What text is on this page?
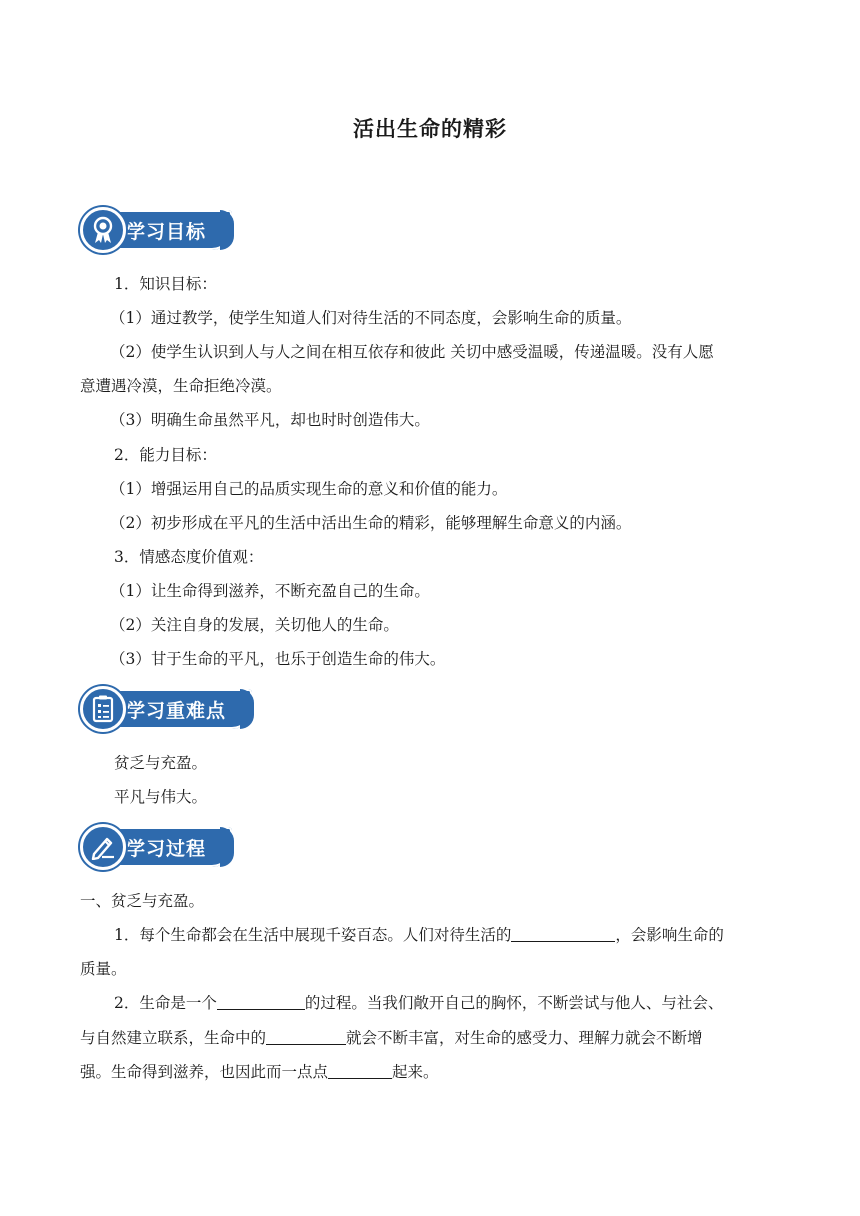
活出生命的精彩
学习目标
1．知识目标：
（1）通过教学，使学生知道人们对待生活的不同态度，会影响生命的质量。
（2）使学生认识到人与人之间在相互依存和彼此 关切中感受温暖，传递温暖。没有人愿
意遭遇冷漠，生命拒绝冷漠。
（3）明确生命虽然平凡，却也时时创造伟大。
2．能力目标：
（1）增强运用自己的品质实现生命的意义和价值的能力。
（2）初步形成在平凡的生活中活出生命的精彩，能够理解生命意义的内涵。
3．情感态度价值观：
（1）让生命得到滋养，不断充盈自己的生命。
（2）关注自身的发展，关切他人的生命。
（3）甘于生命的平凡，也乐于创造生命的伟大。
学习重难点
贫乏与充盈。
平凡与伟大。
学习过程
一、贫乏与充盈。
1．每个生命都会在生活中展现千姿百态。人们对待生活的	，会影响生命的
质量。
2．生命是一个	的过程。当我们敞开自己的胸怀，不断尝试与他人、与社会、
与自然建立联系，生命中的	就会不断丰富，对生命的感受力、理解力就会不断增
强。生命得到滋养，也因此而一点点	起来。
